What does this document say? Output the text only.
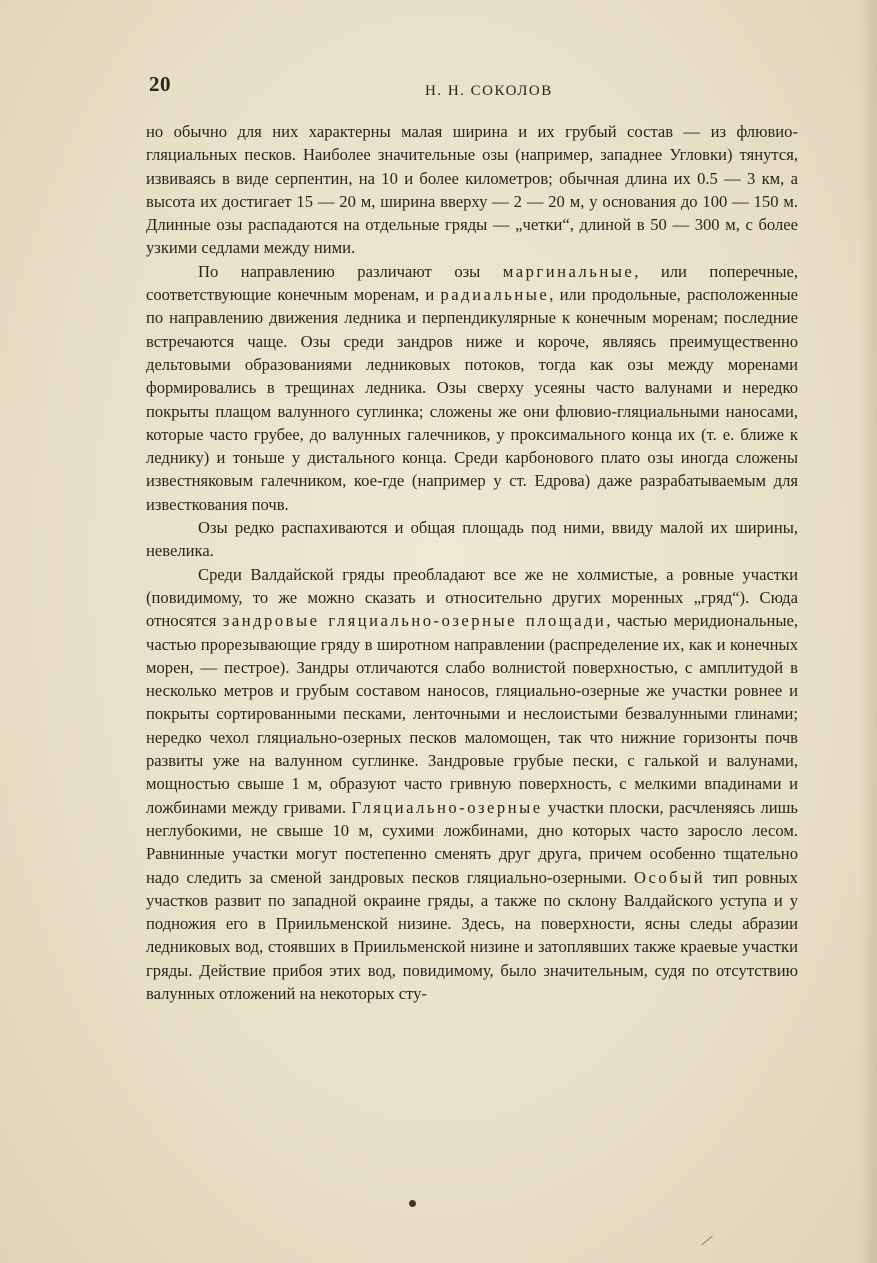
20	Н. Н. СОКОЛОВ

но обычно для них характерны малая ширина и их грубый состав — из флювио-гляциальных песков. Наиболее значительные озы (например, западнее Угловки) тянутся, извиваясь в виде серпентин, на 10 и более километров; обычная длина их 0.5 — 3 км, а высота их достигает 15 — 20 м, ширина вверху — 2 — 20 м, у основания до 100 — 150 м. Длинные озы распадаются на отдельные гряды — „четки“, длиной в 50 — 300 м, с более узкими седлами между ними.

По направлению различают озы маргинальные, или поперечные, соответствующие конечным моренам, и радиальные, или продольные, расположенные по направлению движения ледника и перпендикулярные к конечным моренам; последние встречаются чаще. Озы среди зандров ниже и короче, являясь преимущественно дельтовыми образованиями ледниковых потоков, тогда как озы между моренами формировались в трещинах ледника. Озы сверху усеяны часто валунами и нередко покрыты плащом валунного суглинка; сложены же они флювио-гляциальными наносами, которые часто грубее, до валунных галечников, у проксимального конца их (т. е. ближе к леднику) и тоньше у дистального конца. Среди карбонового плато озы иногда сложены известняковым галечником, кое-где (например у ст. Едрова) даже разрабатываемым для известкования почв.

Озы редко распахиваются и общая площадь под ними, ввиду малой их ширины, невелика.

Среди Валдайской гряды преобладают все же не холмистые, а ровные участки (повидимому, то же можно сказать и относительно других моренных „гряд“). Сюда относятся зандровые гляциально-озерные площади, частью меридиональные, частью прорезывающие гряду в широтном направлении (распределение их, как и конечных морен, — пестрое). Зандры отличаются слабо волнистой поверхностью, с амплитудой в несколько метров и грубым составом наносов, гляциально-озерные же участки ровнее и покрыты сортированными песками, ленточными и неслоистыми безвалунными глинами; нередко чехол гляциально-озерных песков маломощен, так что нижние горизонты почв развиты уже на валунном суглинке. Зандровые грубые пески, с галькой и валунами, мощностью свыше 1 м, образуют часто гривную поверхность, с мелкими впадинами и ложбинами между гривами. Гляциально-озерные участки плоски, расчленяясь лишь неглубокими, не свыше 10 м, сухими ложбинами, дно которых часто заросло лесом. Равнинные участки могут постепенно сменять друг друга, причем особенно тщательно надо следить за сменой зандровых песков гляциально-озерными. Особый тип ровных участков развит по западной окраине гряды, а также по склону Валдайского уступа и у подножия его в Приильменской низине. Здесь, на поверхности, ясны следы абразии ледниковых вод, стоявших в Приильменской низине и затоплявших также краевые участки гряды. Действие прибоя этих вод, повидимому, было значительным, судя по отсутствию валунных отложений на некоторых сту-
